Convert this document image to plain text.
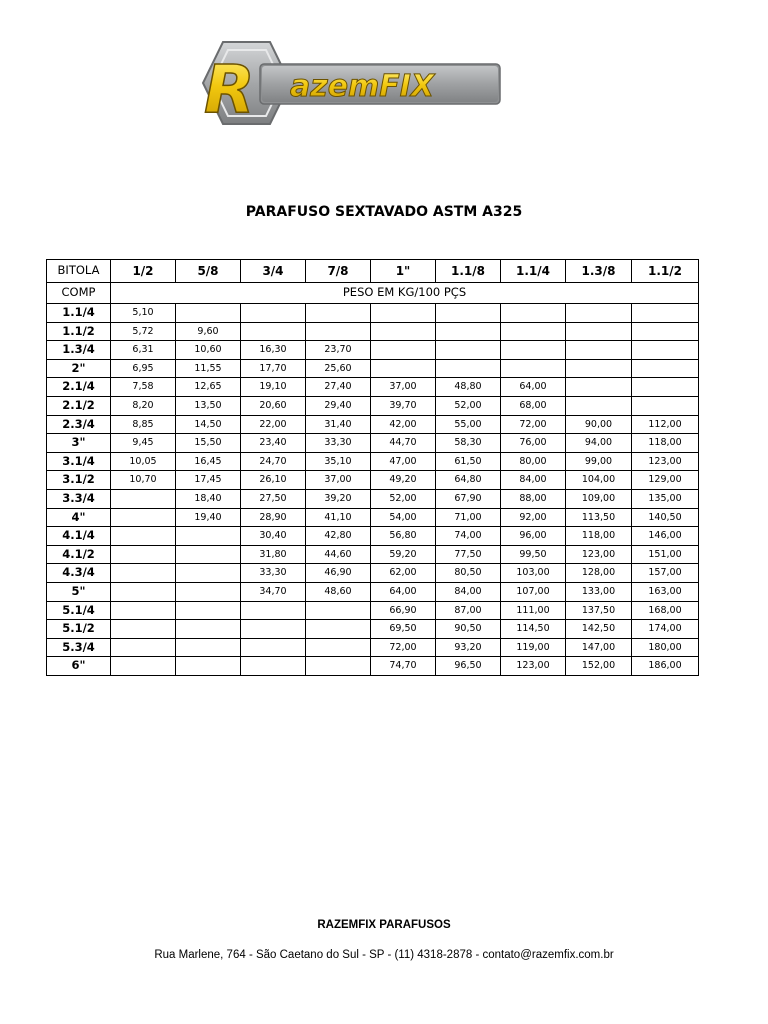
R azemFIX
PARAFUSO SEXTAVADO ASTM A325
BITOLA	1/2	5/8	3/4	7/8	1"	1.1/8	1.1/4	1.3/8	1.1/2
COMP	PESO EM KG/100 PÇS								
1.1/4	5,10								
1.1/2	5,72	9,60							
1.3/4	6,31	10,60	16,30	23,70					
2"	6,95	11,55	17,70	25,60					
2.1/4	7,58	12,65	19,10	27,40	37,00	48,80	64,00		
2.1/2	8,20	13,50	20,60	29,40	39,70	52,00	68,00		
2.3/4	8,85	14,50	22,00	31,40	42,00	55,00	72,00	90,00	112,00
3"	9,45	15,50	23,40	33,30	44,70	58,30	76,00	94,00	118,00
3.1/4	10,05	16,45	24,70	35,10	47,00	61,50	80,00	99,00	123,00
3.1/2	10,70	17,45	26,10	37,00	49,20	64,80	84,00	104,00	129,00
3.3/4		18,40	27,50	39,20	52,00	67,90	88,00	109,00	135,00
4"		19,40	28,90	41,10	54,00	71,00	92,00	113,50	140,50
4.1/4			30,40	42,80	56,80	74,00	96,00	118,00	146,00
4.1/2			31,80	44,60	59,20	77,50	99,50	123,00	151,00
4.3/4			33,30	46,90	62,00	80,50	103,00	128,00	157,00
5"			34,70	48,60	64,00	84,00	107,00	133,00	163,00
5.1/4					66,90	87,00	111,00	137,50	168,00
5.1/2					69,50	90,50	114,50	142,50	174,00
5.3/4					72,00	93,20	119,00	147,00	180,00
6"					74,70	96,50	123,00	152,00	186,00
RAZEMFIX PARAFUSOS
Rua Marlene, 764 - São Caetano do Sul - SP - (11) 4318-2878 - contato@razemfix.com.br
